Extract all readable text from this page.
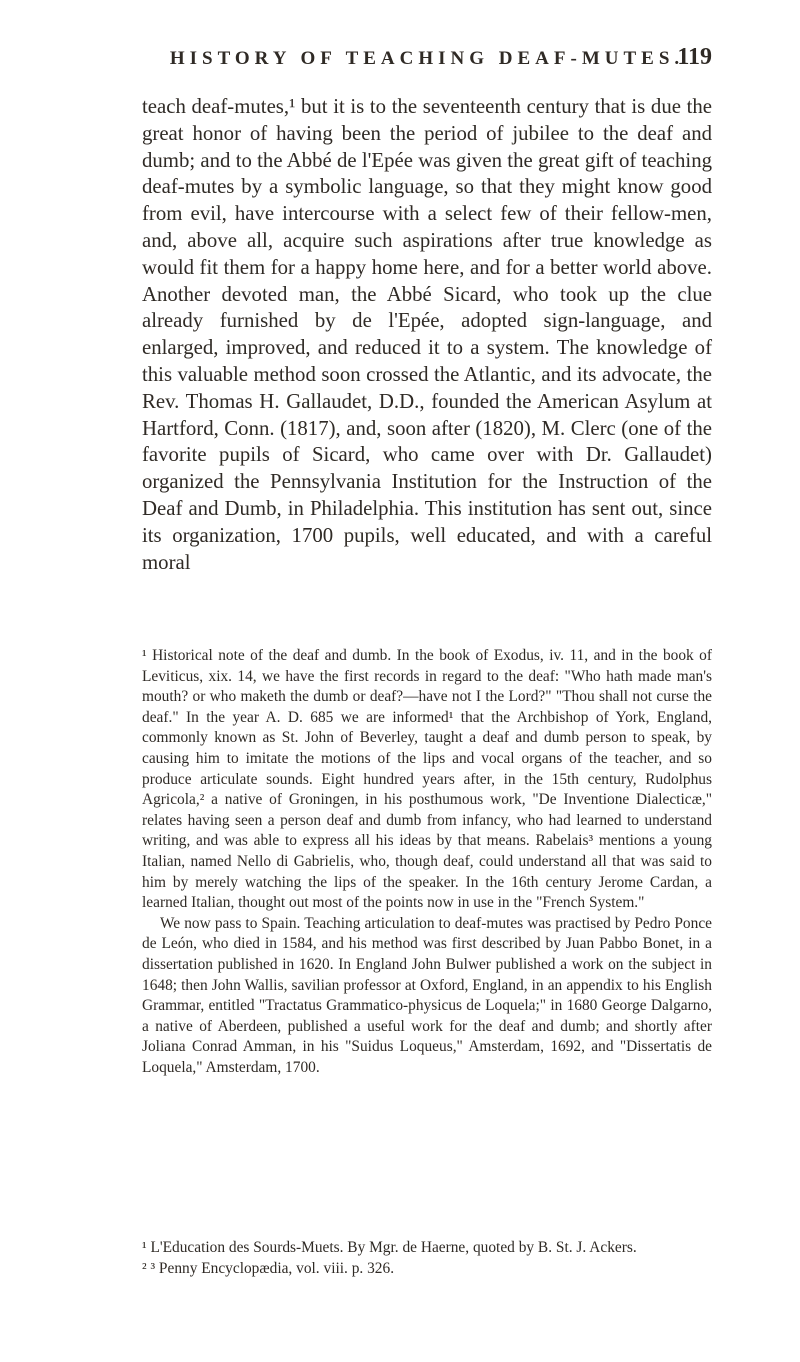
HISTORY OF TEACHING DEAF-MUTES.
119

teach deaf-mutes,¹ but it is to the seventeenth century that is due the great honor of having been the period of jubilee to the deaf and dumb; and to the Abbé de l'Epée was given the great gift of teaching deaf-mutes by a symbolic language, so that they might know good from evil, have intercourse with a select few of their fellow-men, and, above all, acquire such aspirations after true knowledge as would fit them for a happy home here, and for a better world above. Another devoted man, the Abbé Sicard, who took up the clue already furnished by de l'Epée, adopted sign-language, and enlarged, improved, and reduced it to a system. The knowledge of this valuable method soon crossed the Atlantic, and its advocate, the Rev. Thomas H. Gallaudet, D.D., founded the American Asylum at Hartford, Conn. (1817), and, soon after (1820), M. Clerc (one of the favorite pupils of Sicard, who came over with Dr. Gallaudet) organized the Pennsylvania Institution for the Instruction of the Deaf and Dumb, in Philadelphia. This institution has sent out, since its organization, 1700 pupils, well educated, and with a careful moral

¹ Historical note of the deaf and dumb. In the book of Exodus, iv. 11, and in the book of Leviticus, xix. 14, we have the first records in regard to the deaf: "Who hath made man's mouth? or who maketh the dumb or deaf?—have not I the Lord?" "Thou shall not curse the deaf." In the year A. D. 685 we are informed¹ that the Archbishop of York, England, commonly known as St. John of Beverley, taught a deaf and dumb person to speak, by causing him to imitate the motions of the lips and vocal organs of the teacher, and so produce articulate sounds. Eight hundred years after, in the 15th century, Rudolphus Agricola,² a native of Groningen, in his posthumous work, "De Inventione Dialecticæ," relates having seen a person deaf and dumb from infancy, who had learned to understand writing, and was able to express all his ideas by that means. Rabelais³ mentions a young Italian, named Nello di Gabrielis, who, though deaf, could understand all that was said to him by merely watching the lips of the speaker. In the 16th century Jerome Cardan, a learned Italian, thought out most of the points now in use in the "French System."

We now pass to Spain. Teaching articulation to deaf-mutes was practised by Pedro Ponce de León, who died in 1584, and his method was first described by Juan Pabbo Bonet, in a dissertation published in 1620. In England John Bulwer published a work on the subject in 1648; then John Wallis, savilian professor at Oxford, England, in an appendix to his English Grammar, entitled "Tractatus Grammatico-physicus de Loquela;" in 1680 George Dalgarno, a native of Aberdeen, published a useful work for the deaf and dumb; and shortly after Joliana Conrad Amman, in his "Suidus Loqueus," Amsterdam, 1692, and "Dissertatis de Loquela," Amsterdam, 1700.

¹ L'Education des Sourds-Muets. By Mgr. de Haerne, quoted by B. St. J. Ackers.

² ³ Penny Encyclopædia, vol. viii. p. 326.
